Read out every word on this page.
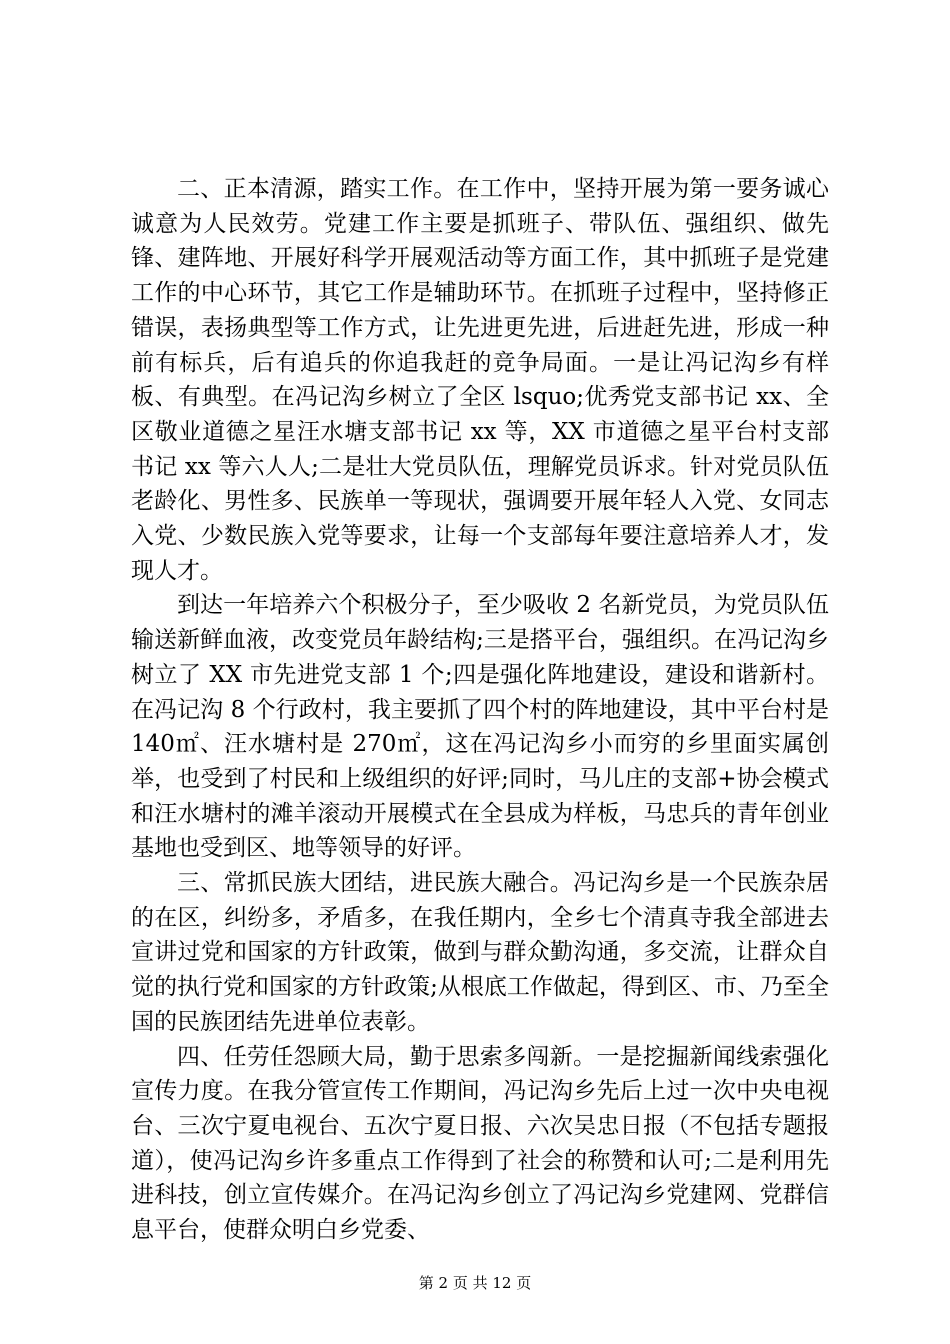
二、正本清源，踏实工作。在工作中，坚持开展为第一要务诚心诚意为人民效劳。党建工作主要是抓班子、带队伍、强组织、做先锋、建阵地、开展好科学开展观活动等方面工作，其中抓班子是党建工作的中心环节，其它工作是辅助环节。在抓班子过程中，坚持修正错误，表扬典型等工作方式，让先进更先进，后进赶先进，形成一种前有标兵，后有追兵的你追我赶的竞争局面。一是让冯记沟乡有样板、有典型。在冯记沟乡树立了全区 lsquo;优秀党支部书记 xx、全区敬业道德之星汪水塘支部书记 xx 等，XX 市道德之星平台村支部书记 xx 等六人人;二是壮大党员队伍，理解党员诉求。针对党员队伍老龄化、男性多、民族单一等现状，强调要开展年轻人入党、女同志入党、少数民族入党等要求，让每一个支部每年要注意培养人才，发现人才。

到达一年培养六个积极分子，至少吸收 2 名新党员，为党员队伍输送新鲜血液，改变党员年龄结构;三是搭平台，强组织。在冯记沟乡树立了 XX 市先进党支部 1 个;四是强化阵地建设，建设和谐新村。在冯记沟 8 个行政村，我主要抓了四个村的阵地建设，其中平台村是 140㎡、汪水塘村是 270㎡，这在冯记沟乡小而穷的乡里面实属创举，也受到了村民和上级组织的好评;同时，马儿庄的支部+协会模式和汪水塘村的滩羊滚动开展模式在全县成为样板，马忠兵的青年创业基地也受到区、地等领导的好评。

三、常抓民族大团结，进民族大融合。冯记沟乡是一个民族杂居的在区，纠纷多，矛盾多，在我任期内，全乡七个清真寺我全部进去宣讲过党和国家的方针政策，做到与群众勤沟通，多交流，让群众自觉的执行党和国家的方针政策;从根底工作做起，得到区、市、乃至全国的民族团结先进单位表彰。

四、任劳任怨顾大局，勤于思索多闯新。一是挖掘新闻线索强化宣传力度。在我分管宣传工作期间，冯记沟乡先后上过一次中央电视台、三次宁夏电视台、五次宁夏日报、六次吴忠日报（不包括专题报道），使冯记沟乡许多重点工作得到了社会的称赞和认可;二是利用先进科技，创立宣传媒介。在冯记沟乡创立了冯记沟乡党建网、党群信息平台，使群众明白乡党委、

第 2 页 共 12 页
